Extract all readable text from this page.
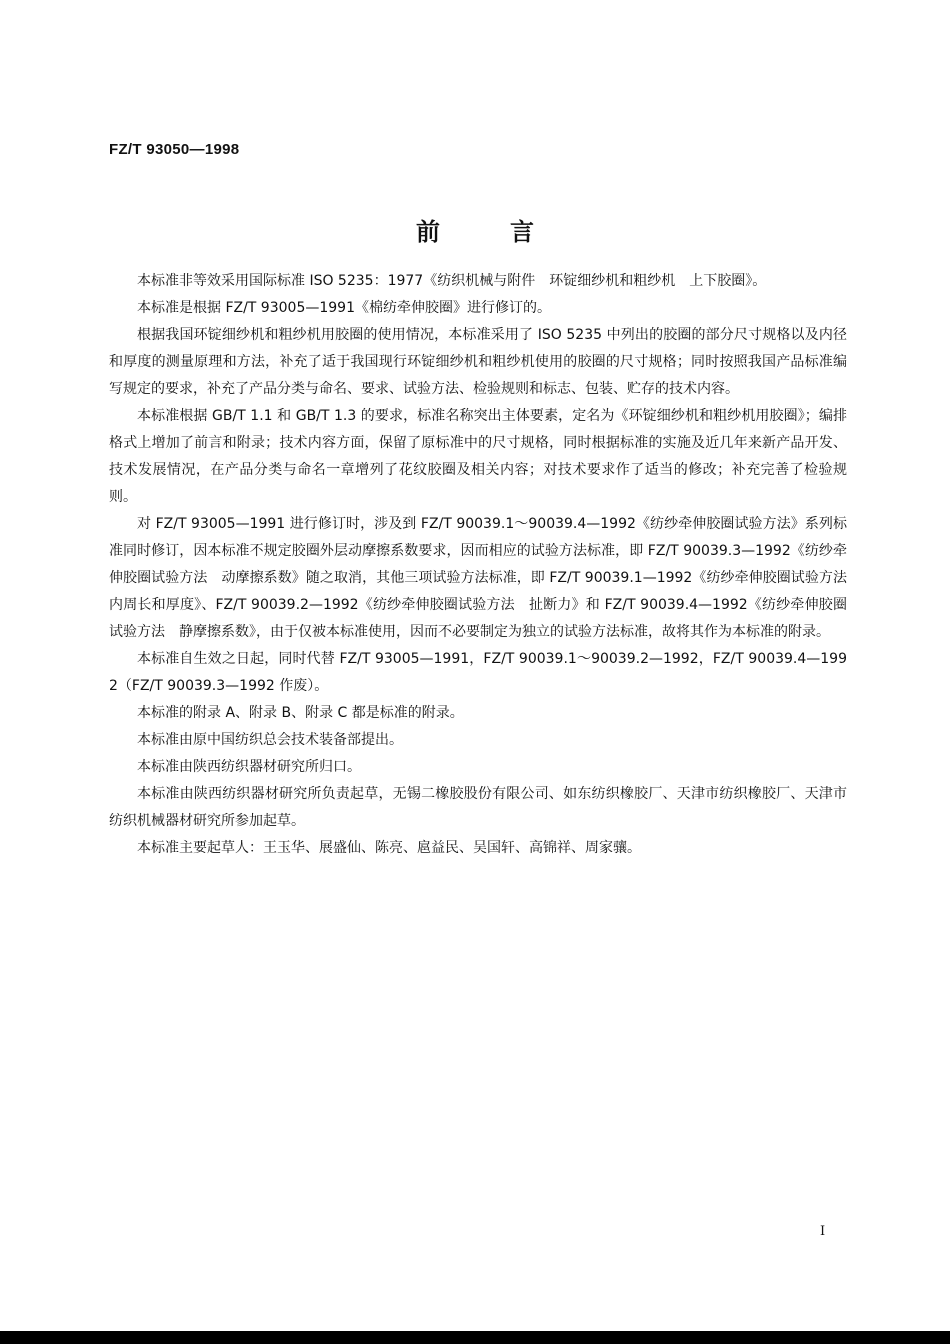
FZ/T 93050—1998
前言

本标准非等效采用国际标准 ISO 5235：1977《纺织机械与附件　环锭细纱机和粗纱机　上下胶圈》。

本标准是根据 FZ/T 93005—1991《棉纺牵伸胶圈》进行修订的。

根据我国环锭细纱机和粗纱机用胶圈的使用情况，本标准采用了 ISO 5235 中列出的胶圈的部分尺寸规格以及内径和厚度的测量原理和方法，补充了适于我国现行环锭细纱机和粗纱机使用的胶圈的尺寸规格；同时按照我国产品标准编写规定的要求，补充了产品分类与命名、要求、试验方法、检验规则和标志、包装、贮存的技术内容。

本标准根据 GB/T 1.1 和 GB/T 1.3 的要求，标准名称突出主体要素，定名为《环锭细纱机和粗纱机用胶圈》；编排格式上增加了前言和附录；技术内容方面，保留了原标准中的尺寸规格，同时根据标准的实施及近几年来新产品开发、技术发展情况，在产品分类与命名一章增列了花纹胶圈及相关内容；对技术要求作了适当的修改；补充完善了检验规则。

对 FZ/T 93005—1991 进行修订时，涉及到 FZ/T 90039.1～90039.4—1992《纺纱牵伸胶圈试验方法》系列标准同时修订，因本标准不规定胶圈外层动摩擦系数要求，因而相应的试验方法标准，即 FZ/T 90039.3—1992《纺纱牵伸胶圈试验方法　动摩擦系数》随之取消，其他三项试验方法标准，即 FZ/T 90039.1—1992《纺纱牵伸胶圈试验方法　内周长和厚度》、FZ/T 90039.2—1992《纺纱牵伸胶圈试验方法　扯断力》和 FZ/T 90039.4—1992《纺纱牵伸胶圈试验方法　静摩擦系数》，由于仅被本标准使用，因而不必要制定为独立的试验方法标准，故将其作为本标准的附录。

本标准自生效之日起，同时代替 FZ/T 93005—1991，FZ/T 90039.1～90039.2—1992，FZ/T 90039.4—1992（FZ/T 90039.3—1992 作废）。

本标准的附录 A、附录 B、附录 C 都是标准的附录。

本标准由原中国纺织总会技术装备部提出。

本标准由陕西纺织器材研究所归口。

本标准由陕西纺织器材研究所负责起草，无锡二橡胶股份有限公司、如东纺织橡胶厂、天津市纺织橡胶厂、天津市纺织机械器材研究所参加起草。

本标准主要起草人：王玉华、展盛仙、陈亮、扈益民、吴国轩、高锦祥、周家骧。

I
